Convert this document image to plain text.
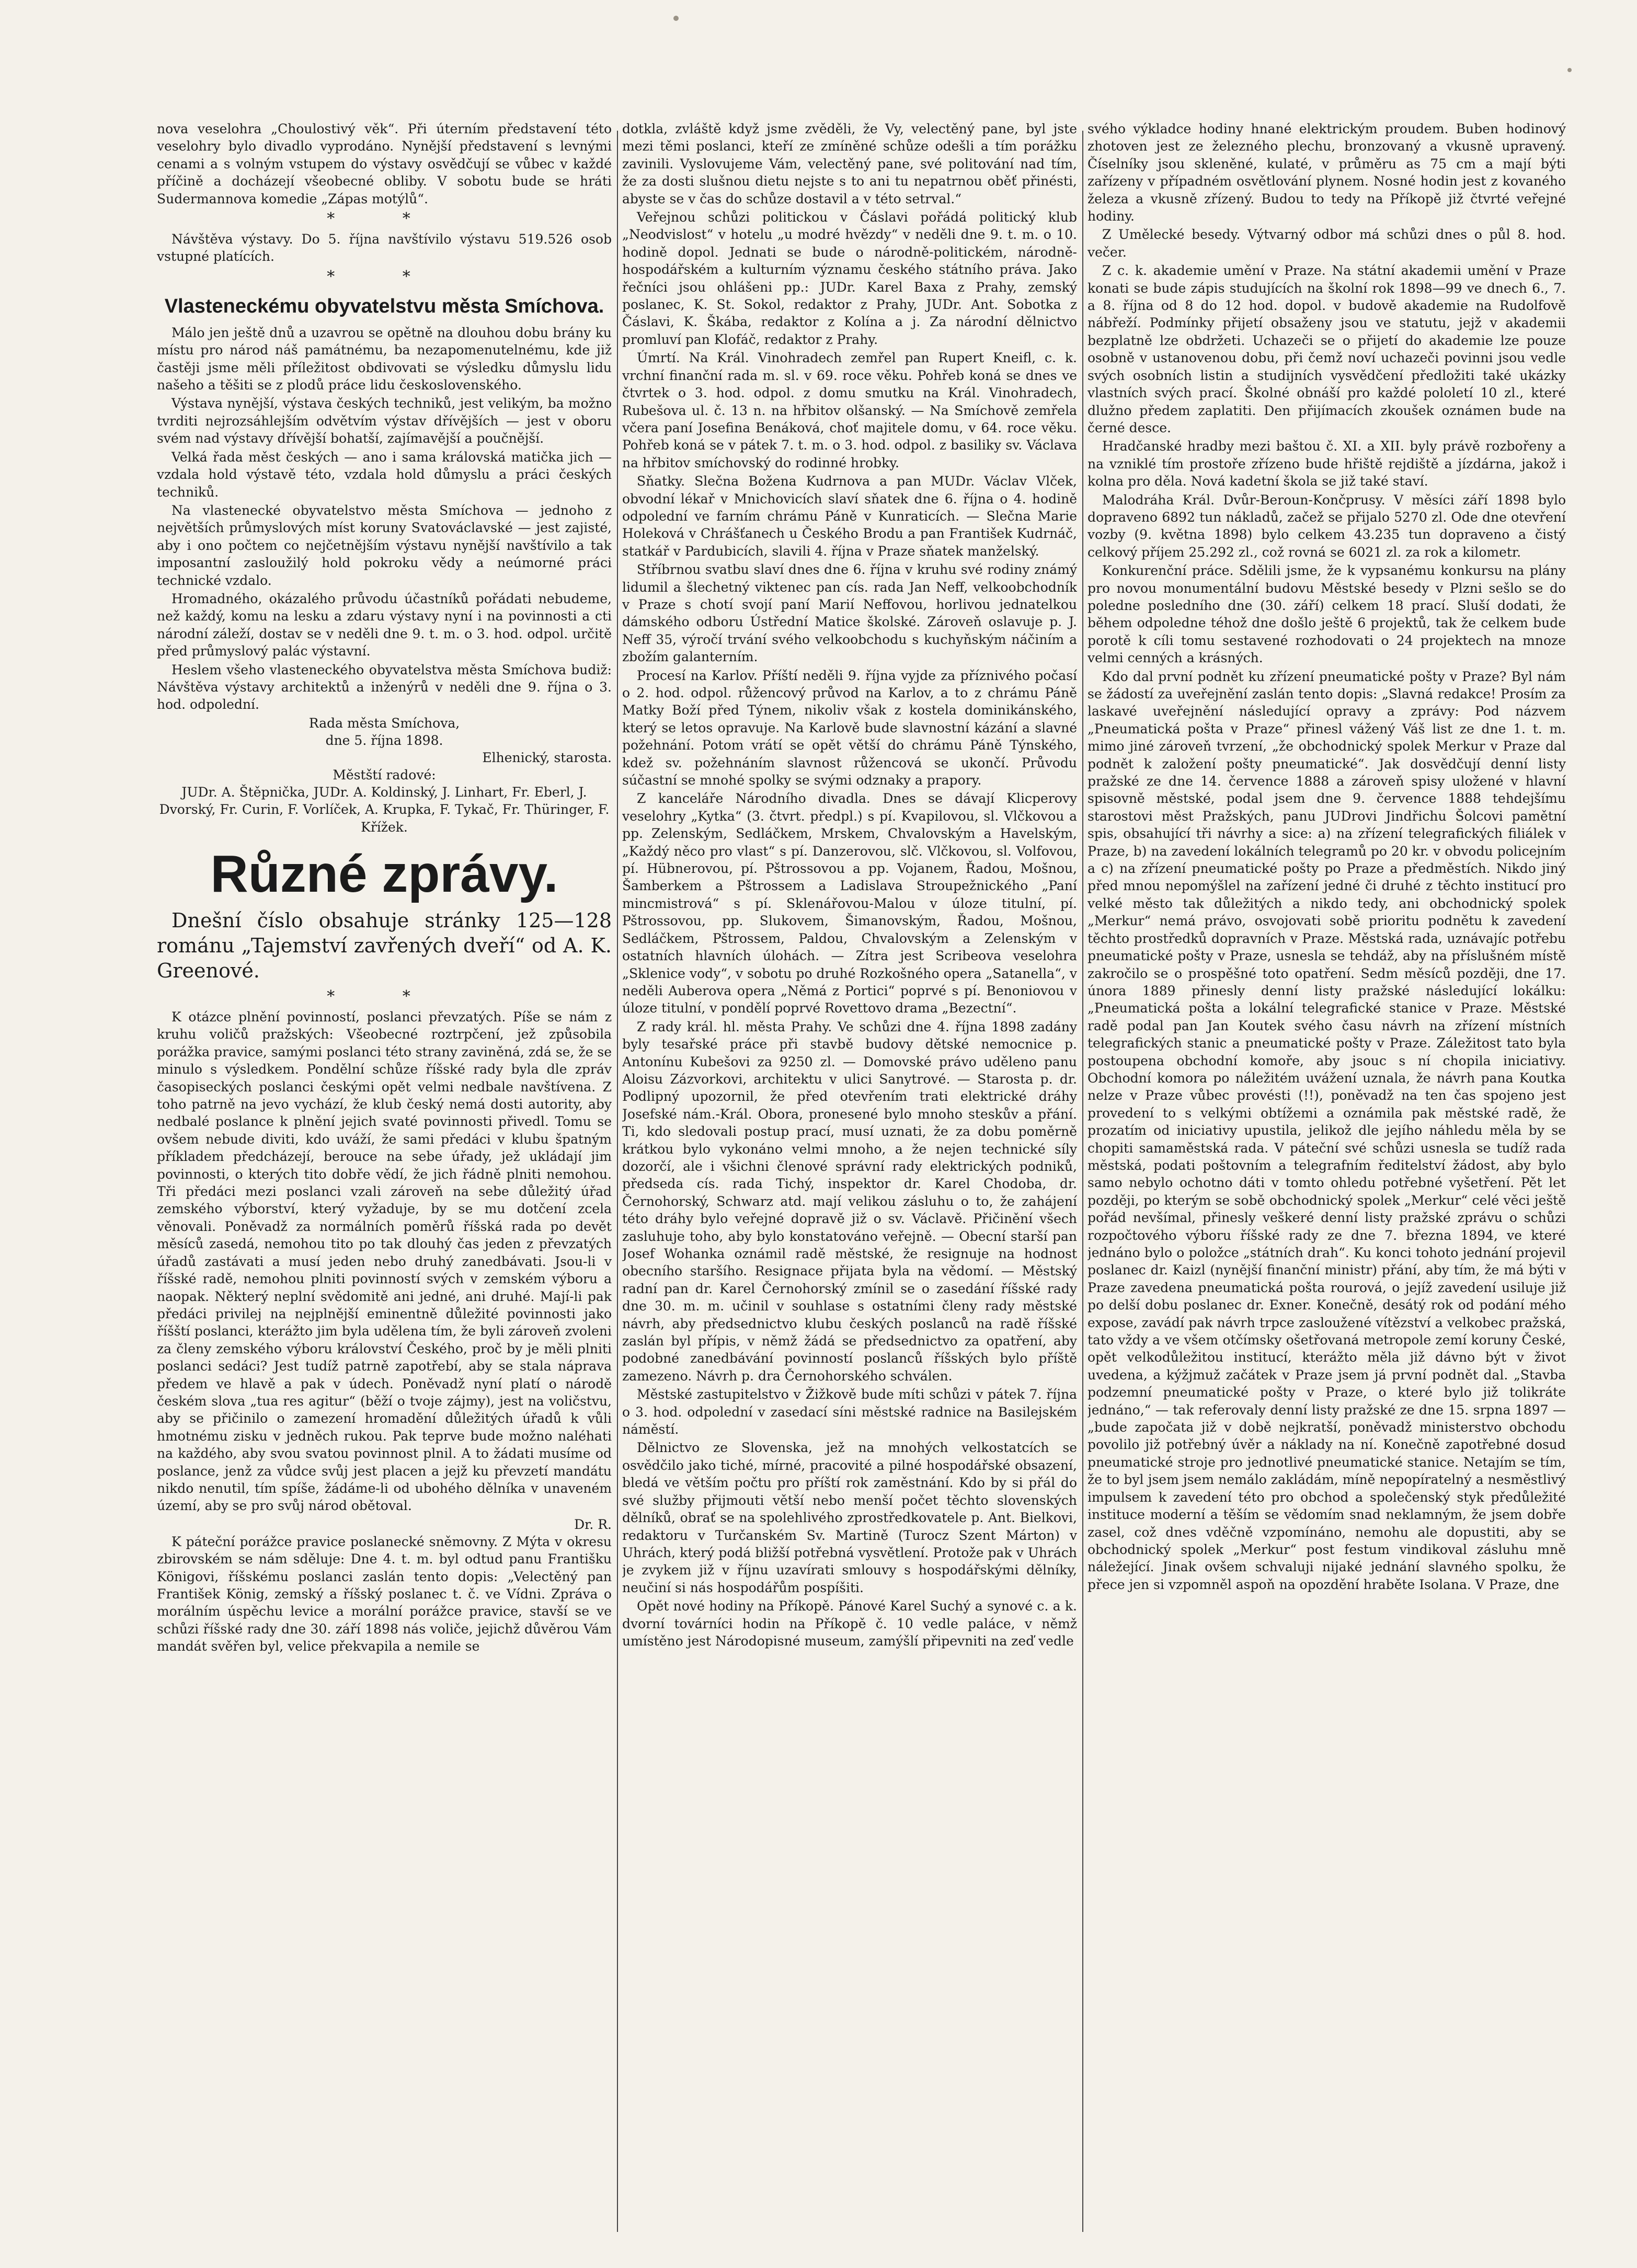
nova veselohra „Choulostivý věk“. Při úterním představení této veselohry bylo divadlo vyprodáno. Nynější představení s levnými cenami a s volným vstupem do výstavy osvědčují se vůbec v každé příčině a docházejí všeobecné obliby. V sobotu bude se hráti Sudermannova komedie „Zápas motýlů“.

* *

Návštěva výstavy. Do 5. října navštívilo výstavu 519.526 osob vstupné platících.

* *
Vlasteneckému obyvatelstvu města Smíchova.

Málo jen ještě dnů a uzavrou se opětně na dlouhou dobu brány ku místu pro národ náš památnému, ba nezapomenutelnému, kde již častěji jsme měli příležitost obdivovati se výsledku důmyslu lidu našeho a těšiti se z plodů práce lidu československého.

Výstava nynější, výstava českých techniků, jest velikým, ba možno tvrditi nejrozsáhlejším odvětvím výstav dřívějších — jest v oboru svém nad výstavy dřívější bohatší, zajímavější a poučnější.

Velká řada měst českých — ano i sama královská matička jich — vzdala hold výstavě této, vzdala hold důmyslu a práci českých techniků.

Na vlastenecké obyvatelstvo města Smíchova — jednoho z největších průmyslových míst koruny Svatováclavské — jest zajisté, aby i ono počtem co nejčetnějším výstavu nynější navštívilo a tak imposantní zasloužilý hold pokroku vědy a neúmorné práci technické vzdalo.

Hromadného, okázalého průvodu účastníků pořádati nebudeme, než každý, komu na lesku a zdaru výstavy nyní i na povinnosti a cti národní záleží, dostav se v neděli dne 9. t. m. o 3. hod. odpol. určitě před průmyslový palác výstavní.

Heslem všeho vlasteneckého obyvatelstva města Smíchova budiž: Návštěva výstavy architektů a inženýrů v neděli dne 9. října o 3. hod. odpolední.

Rada města Smíchova,
dne 5. října 1898.
Elhenický, starosta.
Městští radové:

JUDr. A. Štěpnička, JUDr. A. Koldinský, J. Linhart, Fr. Eberl, J. Dvorský, Fr. Curin, F. Vorlíček, A. Krupka, F. Tykač, Fr. Thüringer, F. Křížek.

Různé zprávy.
Dnešní číslo obsahuje stránky 125—128 románu „Tajemství zavřených dveří“ od A. K. Greenové.
* *

K otázce plnění povinností, poslanci převzatých. Píše se nám z kruhu voličů pražských: Všeobecné roztrpčení, jež způsobila porážka pravice, samými poslanci této strany zaviněná, zdá se, že se minulo s výsledkem. Pondělní schůze říšské rady byla dle zpráv časopiseckých poslanci českými opět velmi nedbale navštívena. Z toho patrně na jevo vychází, že klub český nemá dosti autority, aby nedbalé poslance k plnění jejich svaté povinnosti přivedl. Tomu se ovšem nebude diviti, kdo uváží, že sami předáci v klubu špatným příkladem předcházejí, berouce na sebe úřady, jež ukládají jim povinnosti, o kterých tito dobře vědí, že jich řádně plniti nemohou. Tři předáci mezi poslanci vzali zároveň na sebe důležitý úřad zemského výborství, který vyžaduje, by se mu dotčení zcela věnovali. Poněvadž za normálních poměrů říšská rada po devět měsíců zasedá, nemohou tito po tak dlouhý čas jeden z převzatých úřadů zastávati a musí jeden nebo druhý zanedbávati. Jsou-li v říšské radě, nemohou plniti povinností svých v zemském výboru a naopak. Některý neplní svědomitě ani jedné, ani druhé. Mají-li pak předáci privilej na nejplnější eminentně důležité povinnosti jako říšští poslanci, kterážto jim byla udělena tím, že byli zároveň zvoleni za členy zemského výboru království Českého, proč by je měli plniti poslanci sedáci? Jest tudíž patrně zapotřebí, aby se stala náprava předem ve hlavě a pak v údech. Poněvadž nyní platí o národě českém slova „tua res agitur“ (běží o tvoje zájmy), jest na voličstvu, aby se přičinilo o zamezení hromadění důležitých úřadů k vůli hmotnému zisku v jedněch rukou. Pak teprve bude možno naléhati na každého, aby svou svatou povinnost plnil. A to žádati musíme od poslance, jenž za vůdce svůj jest placen a jejž ku převzetí mandátu nikdo nenutil, tím spíše, žádáme-li od ubohého dělníka v unaveném území, aby se pro svůj národ obětoval.

Dr. R.

K páteční porážce pravice poslanecké sněmovny. Z Mýta v okresu zbirovském se nám sděluje: Dne 4. t. m. byl odtud panu Františku Königovi, říšskému poslanci zaslán tento dopis: „Velectěný pan František König, zemský a říšský poslanec t. č. ve Vídni. Zpráva o morálním úspěchu levice a morální porážce pravice, stavší se ve schůzi říšské rady dne 30. září 1898 nás voliče, jejichž důvěrou Vám mandát svěřen byl, velice překvapila a nemile se

dotkla, zvláště když jsme zvěděli, že Vy, velectěný pane, byl jste mezi těmi poslanci, kteří ze zmíněné schůze odešli a tím porážku zavinili. Vyslovujeme Vám, velectěný pane, své politování nad tím, že za dosti slušnou dietu nejste s to ani tu nepatrnou oběť přinésti, abyste se v čas do schůze dostavil a v této setrval.“

Veřejnou schůzi politickou v Čáslavi pořádá politický klub „Neodvislost“ v hotelu „u modré hvězdy“ v neděli dne 9. t. m. o 10. hodině dopol. Jednati se bude o národně-politickém, národně-hospodářském a kulturním významu českého státního práva. Jako řečníci jsou ohlášeni pp.: JUDr. Karel Baxa z Prahy, zemský poslanec, K. St. Sokol, redaktor z Prahy, JUDr. Ant. Sobotka z Čáslavi, K. Škába, redaktor z Kolína a j. Za národní dělnictvo promluví pan Klofáč, redaktor z Prahy.

Úmrtí. Na Král. Vinohradech zemřel pan Rupert Kneifl, c. k. vrchní finanční rada m. sl. v 69. roce věku. Pohřeb koná se dnes ve čtvrtek o 3. hod. odpol. z domu smutku na Král. Vinohradech, Rubešova ul. č. 13 n. na hřbitov olšanský. — Na Smíchově zemřela včera paní Josefina Benáková, choť majitele domu, v 64. roce věku. Pohřeb koná se v pátek 7. t. m. o 3. hod. odpol. z basiliky sv. Václava na hřbitov smíchovský do rodinné hrobky.

Sňatky. Slečna Božena Kudrnova a pan MUDr. Václav Vlček, obvodní lékař v Mnichovicích slaví sňatek dne 6. října o 4. hodině odpolední ve farním chrámu Páně v Kunraticích. — Slečna Marie Holeková v Chrášťanech u Českého Brodu a pan František Kudrnáč, statkář v Pardubicích, slavili 4. října v Praze sňatek manželský.

Stříbrnou svatbu slaví dnes dne 6. října v kruhu své rodiny známý lidumil a šlechetný viktenec pan cís. rada Jan Neff, velkoobchodník v Praze s chotí svojí paní Marií Neffovou, horlivou jednatelkou dámského odboru Ústřední Matice školské. Zároveň oslavuje p. J. Neff 35, výročí trvání svého velkoobchodu s kuchyňským náčiním a zbožím galanterním.

Procesí na Karlov. Příští neděli 9. října vyjde za příznivého počasí o 2. hod. odpol. růžencový průvod na Karlov, a to z chrámu Páně Matky Boží před Týnem, nikoliv však z kostela dominikánského, který se letos opravuje. Na Karlově bude slavnostní kázání a slavné požehnání. Potom vrátí se opět větší do chrámu Páně Týnského, kdež sv. požehnáním slavnost růžencová se ukončí. Průvodu súčastní se mnohé spolky se svými odznaky a prapory.

Z kanceláře Národního divadla. Dnes se dávají Klicperovy veselohry „Kytka“ (3. čtvrt. předpl.) s pí. Kvapilovou, sl. Vlčkovou a pp. Zelenským, Sedláčkem, Mrskem, Chvalovským a Havelským, „Každý něco pro vlast“ s pí. Danzerovou, slč. Vlčkovou, sl. Volfovou, pí. Hübnerovou, pí. Pštrossovou a pp. Vojanem, Řadou, Mošnou, Šamberkem a Pštrossem a Ladislava Stroupežnického „Paní mincmistrová“ s pí. Sklenářovou-Malou v úloze titulní, pí. Pštrossovou, pp. Slukovem, Šimanovským, Řadou, Mošnou, Sedláčkem, Pštrossem, Paldou, Chvalovským a Zelenským v ostatních hlavních úlohách. — Zítra jest Scribeova veselohra „Sklenice vody“, v sobotu po druhé Rozkošného opera „Satanella“, v neděli Auberova opera „Němá z Portici“ poprvé s pí. Benoniovou v úloze titulní, v pondělí poprvé Rovettovo drama „Bezectní“.

Z rady král. hl. města Prahy. Ve schůzi dne 4. října 1898 zadány byly tesařské práce při stavbě budovy dětské nemocnice p. Antonínu Kubešovi za 9250 zl. — Domovské právo uděleno panu Aloisu Zázvorkovi, architektu v ulici Sanytrové. — Starosta p. dr. Podlipný upozornil, že před otevřením trati elektrické dráhy Josefské nám.-Král. Obora, pronesené bylo mnoho steskův a přání. Ti, kdo sledovali postup prací, musí uznati, že za dobu poměrně krátkou bylo vykonáno velmi mnoho, a že nejen technické síly dozorčí, ale i všichni členové správní rady elektrických podniků, předseda cís. rada Tichý, inspektor dr. Karel Chodoba, dr. Černohorský, Schwarz atd. mají velikou zásluhu o to, že zahájení této dráhy bylo veřejné dopravě již o sv. Václavě. Přičinění všech zasluhuje toho, aby bylo konstatováno veřejně. — Obecní starší pan Josef Wohanka oznámil radě městské, že resignuje na hodnost obecního staršího. Resignace přijata byla na vědomí. — Městský radní pan dr. Karel Černohorský zmínil se o zasedání říšské rady dne 30. m. m. učinil v souhlase s ostatními členy rady městské návrh, aby předsednictvo klubu českých poslanců na radě říšské zaslán byl přípis, v němž žádá se předsednictvo za opatření, aby podobné zanedbávání povinností poslanců říšských bylo příště zamezeno. Návrh p. dra Černohorského schválen.

Městské zastupitelstvo v Žižkově bude míti schůzi v pátek 7. října o 3. hod. odpolední v zasedací síni městské radnice na Basilejském náměstí.

Dělnictvo ze Slovenska, jež na mnohých velkostatcích se osvědčilo jako tiché, mírné, pracovité a pilné hospodářské obsazení, bledá ve větším počtu pro příští rok zaměstnání. Kdo by si přál do své služby přijmouti větší nebo menší počet těchto slovenských dělníků, obrať se na spolehlivého zprostředkovatele p. Ant. Bielkovi, redaktoru v Turčanském Sv. Martině (Turocz Szent Márton) v Uhrách, který podá bližší potřebná vysvětlení. Protože pak v Uhrách je zvykem již v říjnu uzavírati smlouvy s hospodářskými dělníky, neučiní si nás hospodářům pospíšiti.

Opět nové hodiny na Příkopě. Pánové Karel Suchý a synové c. a k. dvorní továrníci hodin na Příkopě č. 10 vedle paláce, v němž umístěno jest Národopisné museum, zamýšlí připevniti na zeď vedle

svého výkladce hodiny hnané elektrickým proudem. Buben hodinový zhotoven jest ze železného plechu, bronzovaný a vkusně upravený. Číselníky jsou skleněné, kulaté, v průměru as 75 cm a mají býti zařízeny v případném osvětlování plynem. Nosné hodin jest z kovaného železa a vkusně zřízený. Budou to tedy na Příkopě již čtvrté veřejné hodiny.

Z Umělecké besedy. Výtvarný odbor má schůzi dnes o půl 8. hod. večer.

Z c. k. akademie umění v Praze. Na státní akademii umění v Praze konati se bude zápis studujících na školní rok 1898—99 ve dnech 6., 7. a 8. října od 8 do 12 hod. dopol. v budově akademie na Rudolfově nábřeží. Podmínky přijetí obsaženy jsou ve statutu, jejž v akademii bezplatně lze obdržeti. Uchazeči se o přijetí do akademie lze pouze osobně v ustanovenou dobu, při čemž noví uchazeči povinni jsou vedle svých osobních listin a studijních vysvědčení předložiti také ukázky vlastních svých prací. Školné obnáší pro každé pololetí 10 zl., které dlužno předem zaplatiti. Den přijímacích zkoušek oznámen bude na černé desce.

Hradčanské hradby mezi baštou č. XI. a XII. byly právě rozbořeny a na vzniklé tím prostoře zřízeno bude hřiště rejdiště a jízdárna, jakož i kolna pro děla. Nová kadetní škola se již také staví.

Malodráha Král. Dvůr-Beroun-Končprusy. V měsíci září 1898 bylo dopraveno 6892 tun nákladů, začež se přijalo 5270 zl. Ode dne otevření vozby (9. května 1898) bylo celkem 43.235 tun dopraveno a čistý celkový příjem 25.292 zl., což rovná se 6021 zl. za rok a kilometr.

Konkurenční práce. Sdělili jsme, že k vypsanému konkursu na plány pro novou monumentální budovu Městské besedy v Plzni sešlo se do poledne posledního dne (30. září) celkem 18 prací. Sluší dodati, že během odpoledne téhož dne došlo ještě 6 projektů, tak že celkem bude porotě k cíli tomu sestavené rozhodovati o 24 projektech na mnoze velmi cenných a krásných.

Kdo dal první podnět ku zřízení pneumatické pošty v Praze? Byl nám se žádostí za uveřejnění zaslán tento dopis: „Slavná redakce! Prosím za laskavé uveřejnění následující opravy a zprávy: Pod názvem „Pneumatická pošta v Praze“ přinesl vážený Váš list ze dne 1. t. m. mimo jiné zároveň tvrzení, „že obchodnický spolek Merkur v Praze dal podnět k založení pošty pneumatické“. Jak dosvědčují denní listy pražské ze dne 14. července 1888 a zároveň spisy uložené v hlavní spisovně městské, podal jsem dne 9. července 1888 tehdejšímu starostovi měst Pražských, panu JUDrovi Jindřichu Šolcovi pamětní spis, obsahující tři návrhy a sice: a) na zřízení telegrafických filiálek v Praze, b) na zavedení lokálních telegramů po 20 kr. v obvodu policejním a c) na zřízení pneumatické pošty po Praze a předměstích. Nikdo jiný před mnou nepomýšlel na zařízení jedné či druhé z těchto institucí pro velké město tak důležitých a nikdo tedy, ani obchodnický spolek „Merkur“ nemá právo, osvojovati sobě prioritu podnětu k zavedení těchto prostředků dopravních v Praze. Městská rada, uznávajíc potřebu pneumatické pošty v Praze, usnesla se tehdáž, aby na příslušném místě zakročilo se o prospěšné toto opatření. Sedm měsíců později, dne 17. února 1889 přinesly denní listy pražské následující lokálku: „Pneumatická pošta a lokální telegrafické stanice v Praze. Městské radě podal pan Jan Koutek svého času návrh na zřízení místních telegrafických stanic a pneumatické pošty v Praze. Záležitost tato byla postoupena obchodní komoře, aby jsouc s ní chopila iniciativy. Obchodní komora po náležitém uvážení uznala, že návrh pana Koutka nelze v Praze vůbec provésti (!!), poněvadž na ten čas spojeno jest provedení to s velkými obtížemi a oznámila pak městské radě, že prozatím od iniciativy upustila, jelikož dle jejího náhledu měla by se chopiti samaměstská rada. V páteční své schůzi usnesla se tudíž rada městská, podati poštovním a telegrafním ředitelství žádost, aby bylo samo nebylo ochotno dáti v tomto ohledu potřebné vyšetření. Pět let později, po kterým se sobě obchodnický spolek „Merkur“ celé věci ještě pořád nevšímal, přinesly veškeré denní listy pražské zprávu o schůzi rozpočtového výboru říšské rady ze dne 7. března 1894, ve které jednáno bylo o položce „státních drah“. Ku konci tohoto jednání projevil poslanec dr. Kaizl (nynější finanční ministr) přání, aby tím, že má býti v Praze zavedena pneumatická pošta rourová, o jejíž zavedení usiluje již po delší dobu poslanec dr. Exner. Konečně, desátý rok od podání mého expose, zavádí pak návrh trpce zasloužené vítězství a velkobec pražská, tato vždy a ve všem otčímsky ošetřovaná metropole zemí koruny České, opět velkodůležitou institucí, kterážto měla již dávno být v život uvedena, a kýžjmuž začátek v Praze jsem já první podnět dal. „Stavba podzemní pneumatické pošty v Praze, o které bylo již tolikráte jednáno,“ — tak referovaly denní listy pražské ze dne 15. srpna 1897 — „bude započata již v době nejkratší, poněvadž ministerstvo obchodu povolilo již potřebný úvěr a náklady na ní. Konečně zapotřebné dosud pneumatické stroje pro jednotlivé pneumatické stanice. Netajím se tím, že to byl jsem jsem nemálo zakládám, míně nepopíratelný a nesměstlivý impulsem k zavedení této pro obchod a společenský styk předůležité instituce moderní a těším se vědomím snad neklamným, že jsem dobře zasel, což dnes vděčně vzpomínáno, nemohu ale dopustiti, aby se obchodnický spolek „Merkur“ post festum vindikoval zásluhu mně náležející. Jinak ovšem schvaluji nijaké jednání slavného spolku, že přece jen si vzpomněl aspoň na opozdění hraběte Isolana. V Praze, dne
